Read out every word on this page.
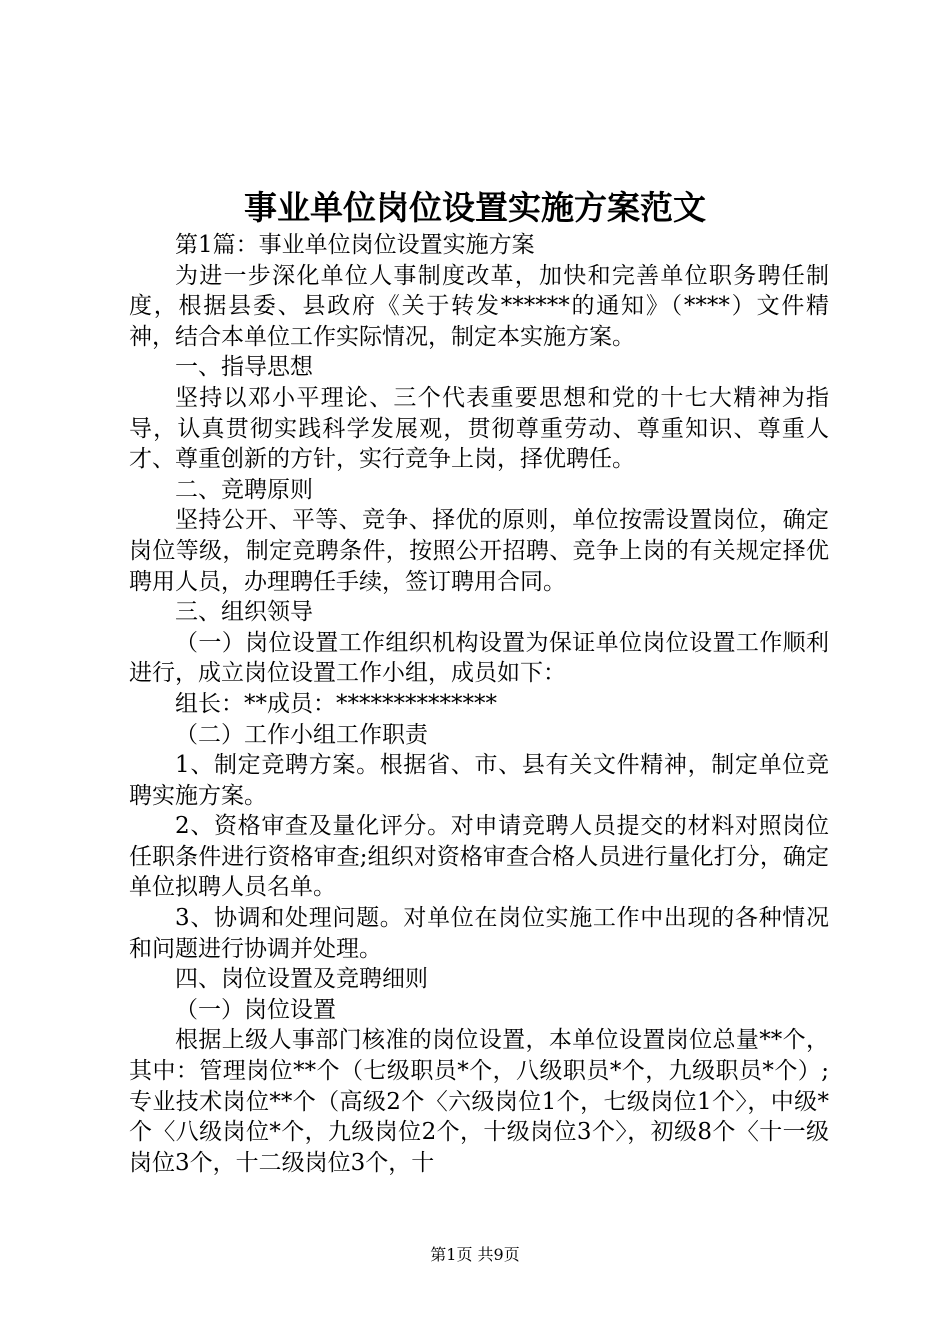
事业单位岗位设置实施方案范文

第1篇：事业单位岗位设置实施方案

为进一步深化单位人事制度改革，加快和完善单位职务聘任制度，根据县委、县政府《关于转发******的通知》（****）文件精神，结合本单位工作实际情况，制定本实施方案。

一、指导思想

坚持以邓小平理论、三个代表重要思想和党的十七大精神为指导，认真贯彻实践科学发展观，贯彻尊重劳动、尊重知识、尊重人才、尊重创新的方针，实行竞争上岗，择优聘任。

二、竞聘原则

坚持公开、平等、竞争、择优的原则，单位按需设置岗位，确定岗位等级，制定竞聘条件，按照公开招聘、竞争上岗的有关规定择优聘用人员，办理聘任手续，签订聘用合同。

三、组织领导

（一）岗位设置工作组织机构设置为保证单位岗位设置工作顺利进行，成立岗位设置工作小组，成员如下：

组长：**成员：**************

（二）工作小组工作职责

1、制定竞聘方案。根据省、市、县有关文件精神，制定单位竞聘实施方案。

2、资格审查及量化评分。对申请竞聘人员提交的材料对照岗位任职条件进行资格审查;组织对资格审查合格人员进行量化打分，确定单位拟聘人员名单。

3、协调和处理问题。对单位在岗位实施工作中出现的各种情况和问题进行协调并处理。

四、岗位设置及竞聘细则

（一）岗位设置

根据上级人事部门核准的岗位设置，本单位设置岗位总量**个，其中：管理岗位**个（七级职员*个，八级职员*个，九级职员*个）;专业技术岗位**个（高级2个〈六级岗位1个，七级岗位1个〉，中级*个〈八级岗位*个，九级岗位2个，十级岗位3个〉，初级8个〈十一级岗位3个，十二级岗位3个，十

第1页 共9页
